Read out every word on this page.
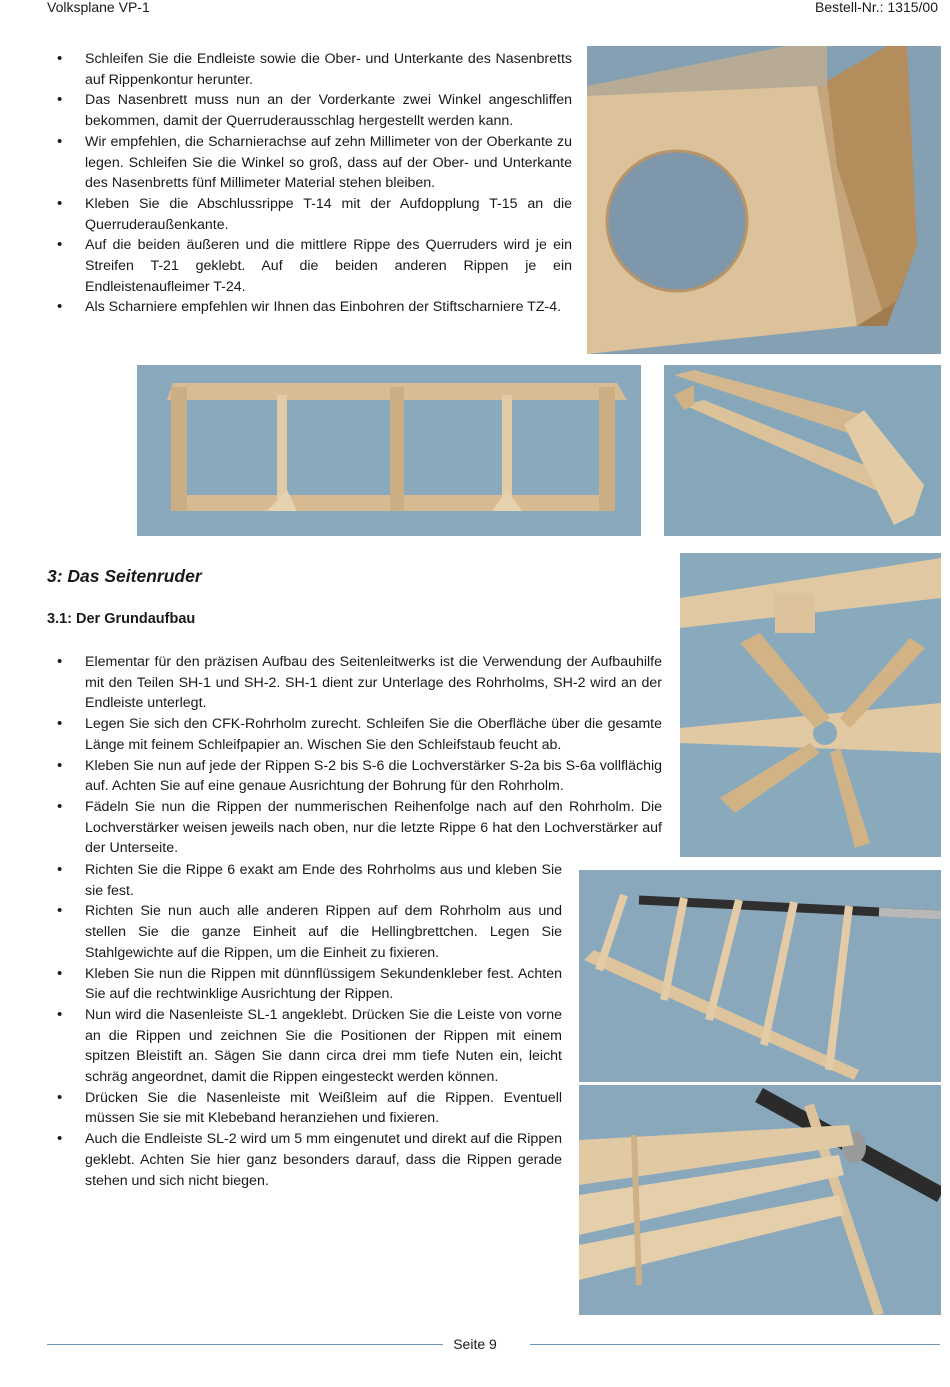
Volksplane VP-1	Bestell-Nr.: 1315/00
• Schleifen Sie die Endleiste sowie die Ober- und Unterkante des Nasenbretts auf Rippenkontur herunter.
• Das Nasenbrett muss nun an der Vorderkante zwei Winkel angeschliffen bekommen, damit der Querruderausschlag hergestellt werden kann.
• Wir empfehlen, die Scharnierachse auf zehn Millimeter von der Oberkante zu legen. Schleifen Sie die Winkel so groß, dass auf der Ober- und Unterkante des Nasenbretts fünf Millimeter Material stehen bleiben.
• Kleben Sie die Abschlussrippe T-14 mit der Aufdopplung T-15 an die Querruderaußenkante.
• Auf die beiden äußeren und die mittlere Rippe des Querruders wird je ein Streifen T-21 geklebt. Auf die beiden anderen Rippen je ein Endleistenaufleimer T-24.
• Als Scharniere empfehlen wir Ihnen das Einbohren der Stiftscharniere TZ-4.
3: Das Seitenruder
3.1: Der Grundaufbau
• Elementar für den präzisen Aufbau des Seitenleitwerks ist die Verwendung der Aufbauhilfe mit den Teilen SH-1 und SH-2. SH-1 dient zur Unterlage des Rohrholms, SH-2 wird an der Endleiste unterlegt.
• Legen Sie sich den CFK-Rohrholm zurecht. Schleifen Sie die Oberfläche über die gesamte Länge mit feinem Schleifpapier an. Wischen Sie den Schleifstaub feucht ab.
• Kleben Sie nun auf jede der Rippen S-2 bis S-6 die Lochverstärker S-2a bis S-6a vollflächig auf. Achten Sie auf eine genaue Ausrichtung der Bohrung für den Rohrholm.
• Fädeln Sie nun die Rippen der nummerischen Reihenfolge nach auf den Rohrholm. Die Lochverstärker weisen jeweils nach oben, nur die letzte Rippe 6 hat den Lochverstärker auf der Unterseite.
• Richten Sie die Rippe 6 exakt am Ende des Rohrholms aus und kleben Sie sie fest.
• Richten Sie nun auch alle anderen Rippen auf dem Rohrholm aus und stellen Sie die ganze Einheit auf die Hellingbrettchen. Legen Sie Stahlgewichte auf die Rippen, um die Einheit zu fixieren.
• Kleben Sie nun die Rippen mit dünnflüssigem Sekundenkleber fest. Achten Sie auf die rechtwinklige Ausrichtung der Rippen.
• Nun wird die Nasenleiste SL-1 angeklebt. Drücken Sie die Leiste von vorne an die Rippen und zeichnen Sie die Positionen der Rippen mit einem spitzen Bleistift an. Sägen Sie dann circa drei mm tiefe Nuten ein, leicht schräg angeordnet, damit die Rippen eingesteckt werden können.
• Drücken Sie die Nasenleiste mit Weißleim auf die Rippen. Eventuell müssen Sie sie mit Klebeband heranziehen und fixieren.
• Auch die Endleiste SL-2 wird um 5 mm eingenutet und direkt auf die Rippen geklebt. Achten Sie hier ganz besonders darauf, dass die Rippen gerade stehen und sich nicht biegen.
Seite 9
